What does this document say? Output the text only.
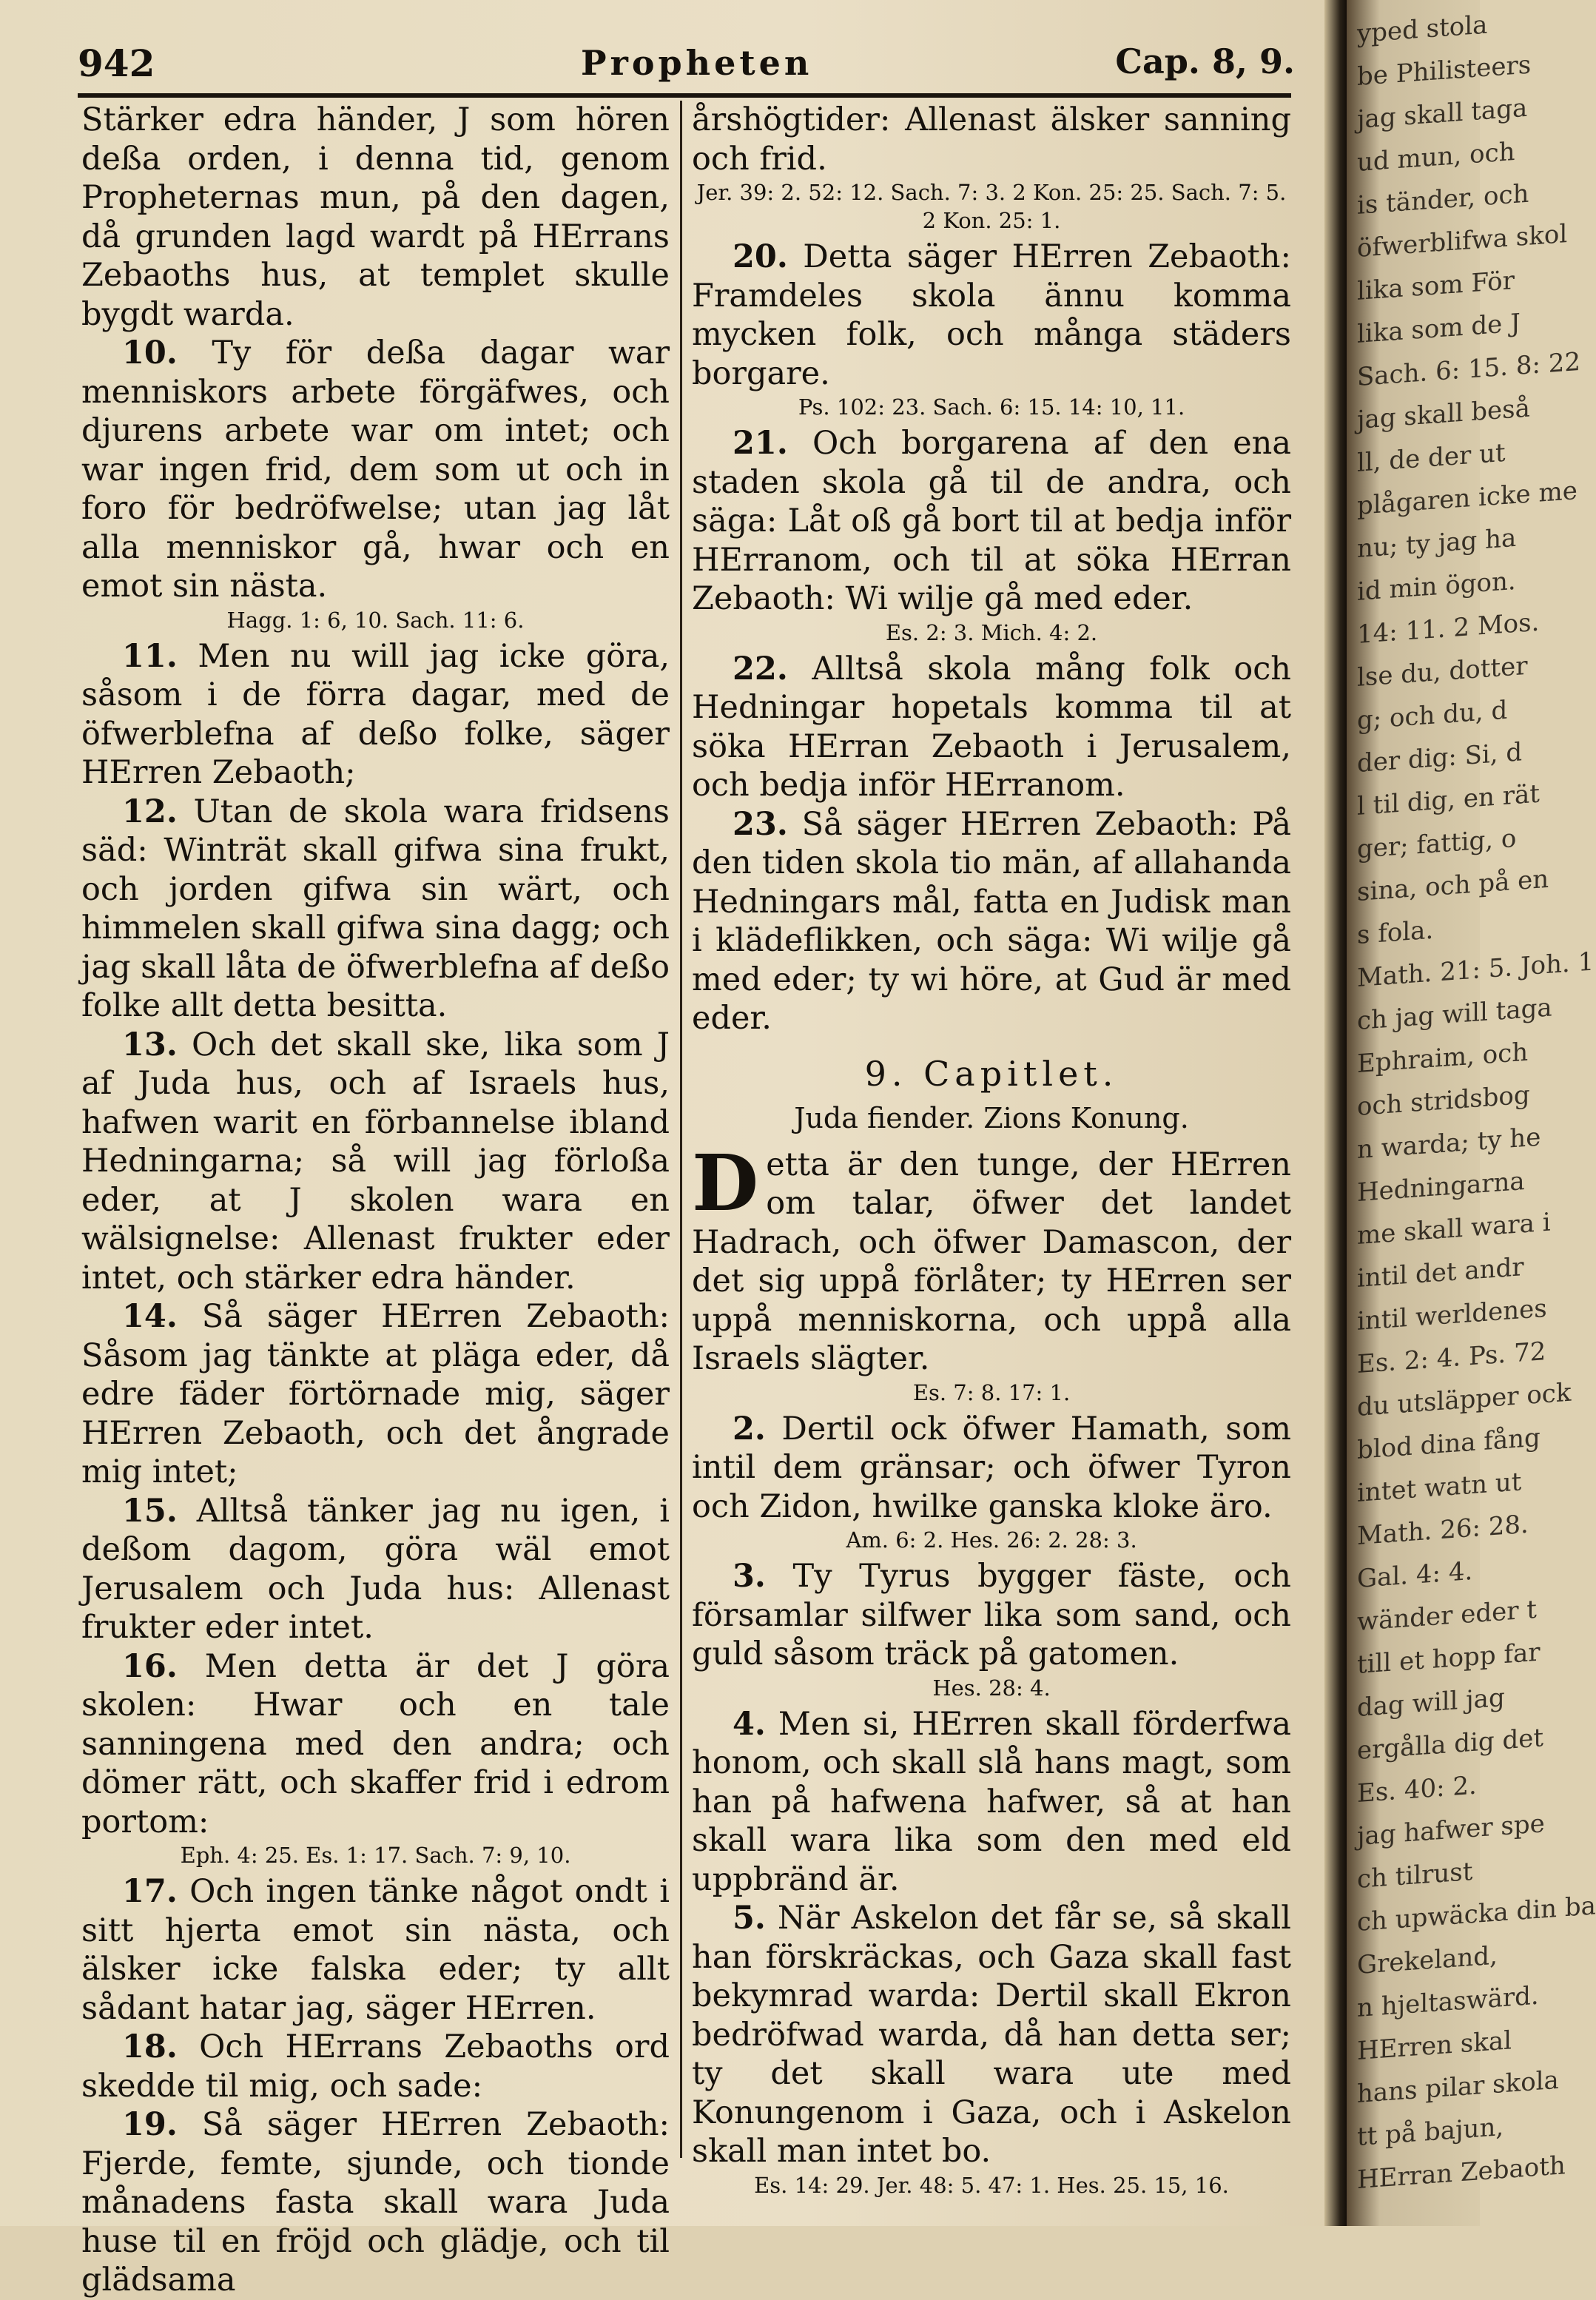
942	Propheten	Cap. 8, 9.

Stärker edra händer, J som hören deßa orden, i denna tid, genom Propheternas mun, på den dagen, då grunden lagd wardt på HErrans Zebaoths hus, at templet skulle bygdt warda.

10. Ty för deßa dagar war menniskors arbete förgäfwes, och djurens arbete war om intet; och war ingen frid, dem som ut och in foro för bedröfwelse; utan jag låt alla menniskor gå, hwar och en emot sin nästa.

Hagg. 1: 6, 10. Sach. 11: 6.

11. Men nu will jag icke göra, såsom i de förra dagar, med de öfwerblefna af deßo folke, säger HErren Zebaoth;

12. Utan de skola wara fridsens säd: Winträt skall gifwa sina frukt, och jorden gifwa sin wärt, och himmelen skall gifwa sina dagg; och jag skall låta de öfwerblefna af deßo folke allt detta besitta.

13. Och det skall ske, lika som J af Juda hus, och af Israels hus, hafwen warit en förbannelse ibland Hedningarna; så will jag förloßa eder, at J skolen wara en wälsignelse: Allenast frukter eder intet, och stärker edra händer.

14. Så säger HErren Zebaoth: Såsom jag tänkte at pläga eder, då edre fäder förtörnade mig, säger HErren Zebaoth, och det ångrade mig intet;

15. Alltså tänker jag nu igen, i deßom dagom, göra wäl emot Jerusalem och Juda hus: Allenast frukter eder intet.

16. Men detta är det J göra skolen: Hwar och en tale sanningena med den andra; och dömer rätt, och skaffer frid i edrom portom:

Eph. 4: 25. Es. 1: 17. Sach. 7: 9, 10.

17. Och ingen tänke något ondt i sitt hjerta emot sin nästa, och älsker icke falska eder; ty allt sådant hatar jag, säger HErren.

18. Och HErrans Zebaoths ord skedde til mig, och sade:

19. Så säger HErren Zebaoth: Fjerde, femte, sjunde, och tionde månadens fasta skall wara Juda huse til en fröjd och glädje, och til glädsama

årshögtider: Allenast älsker sanning och frid.

Jer. 39: 2. 52: 12. Sach. 7: 3. 2 Kon. 25: 25. Sach. 7: 5. 2 Kon. 25: 1.

20. Detta säger HErren Zebaoth: Framdeles skola ännu komma mycken folk, och många städers borgare.

Ps. 102: 23. Sach. 6: 15. 14: 10, 11.

21. Och borgarena af den ena staden skola gå til de andra, och säga: Låt oß gå bort til at bedja inför HErranom, och til at söka HErran Zebaoth: Wi wilje gå med eder.

Es. 2: 3. Mich. 4: 2.

22. Alltså skola mång folk och Hedningar hopetals komma til at söka HErran Zebaoth i Jerusalem, och bedja inför HErranom.

23. Så säger HErren Zebaoth: På den tiden skola tio män, af allahanda Hedningars mål, fatta en Judisk man i klädeflikken, och säga: Wi wilje gå med eder; ty wi höre, at Gud är med eder.

9. Capitlet.

Juda fiender. Zions Konung.

Detta är den tunge, der HErren om talar, öfwer det landet Hadrach, och öfwer Damascon, der det sig uppå förlåter; ty HErren ser uppå menniskorna, och uppå alla Israels slägter.

Es. 7: 8. 17: 1.

2. Dertil ock öfwer Hamath, som intil dem gränsar; och öfwer Tyron och Zidon, hwilke ganska kloke äro.

Am. 6: 2. Hes. 26: 2. 28: 3.

3. Ty Tyrus bygger fäste, och församlar silfwer lika som sand, och guld såsom träck på gatomen.

Hes. 28: 4.

4. Men si, HErren skall förderfwa honom, och skall slå hans magt, som han på hafwena hafwer, så at han skall wara lika som den med eld uppbränd är.

5. När Askelon det får se, så skall han förskräckas, och Gaza skall fast bekymrad warda: Dertil skall Ekron bedröfwad warda, då han detta ser; ty det skall wara ute med Konungenom i Gaza, och i Askelon skall man intet bo.

Es. 14: 29. Jer. 48: 5. 47: 1. Hes. 25. 15, 16.

yped stola
be Philisteers
jag skall taga
ud mun, och
is tänder, och
öfwerblifwa skol
lika som För
lika som de J
Sach. 6: 15. 8: 22
jag skall beså
ll, de der ut
plågaren icke me
nu; ty jag ha
id min ögon.
14: 11. 2 Mos.
lse du, dotter
g; och du, d
der dig: Si, d
l til dig, en rät
ger; fattig, o
sina, och på en
s fola.
Math. 21: 5. Joh. 1
ch jag will taga
Ephraim, och
och stridsbog
n warda; ty he
Hedningarna
me skall wara i
intil det andr
intil werldenes
Es. 2: 4. Ps. 72
du utsläpper ock
blod dina fång
intet watn ut
Math. 26: 28.
Gal. 4: 4.
wänder eder t
till et hopp far
dag will jag
ergålla dig det
Es. 40: 2.
jag hafwer spe
ch tilrust
ch upwäcka din ba
Grekeland,
n hjeltaswärd.
HErren skal
hans pilar skola
tt på bajun,
HErran Zebaoth
